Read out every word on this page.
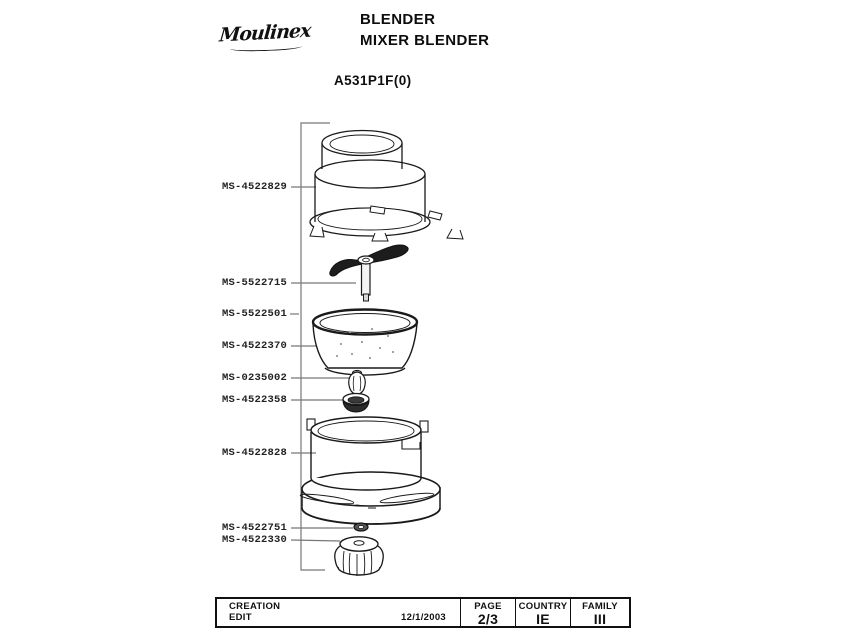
Moulinex
BLENDER
MIXER BLENDER
A531P1F(0)
MS-4522829
MS-5522715
MS-5522501
MS-4522370
MS-0235002
MS-4522358
MS-4522828
MS-4522751
MS-4522330
CREATION
EDIT	12/1/2003
PAGE
2/3
COUNTRY
IE
FAMILY
III
